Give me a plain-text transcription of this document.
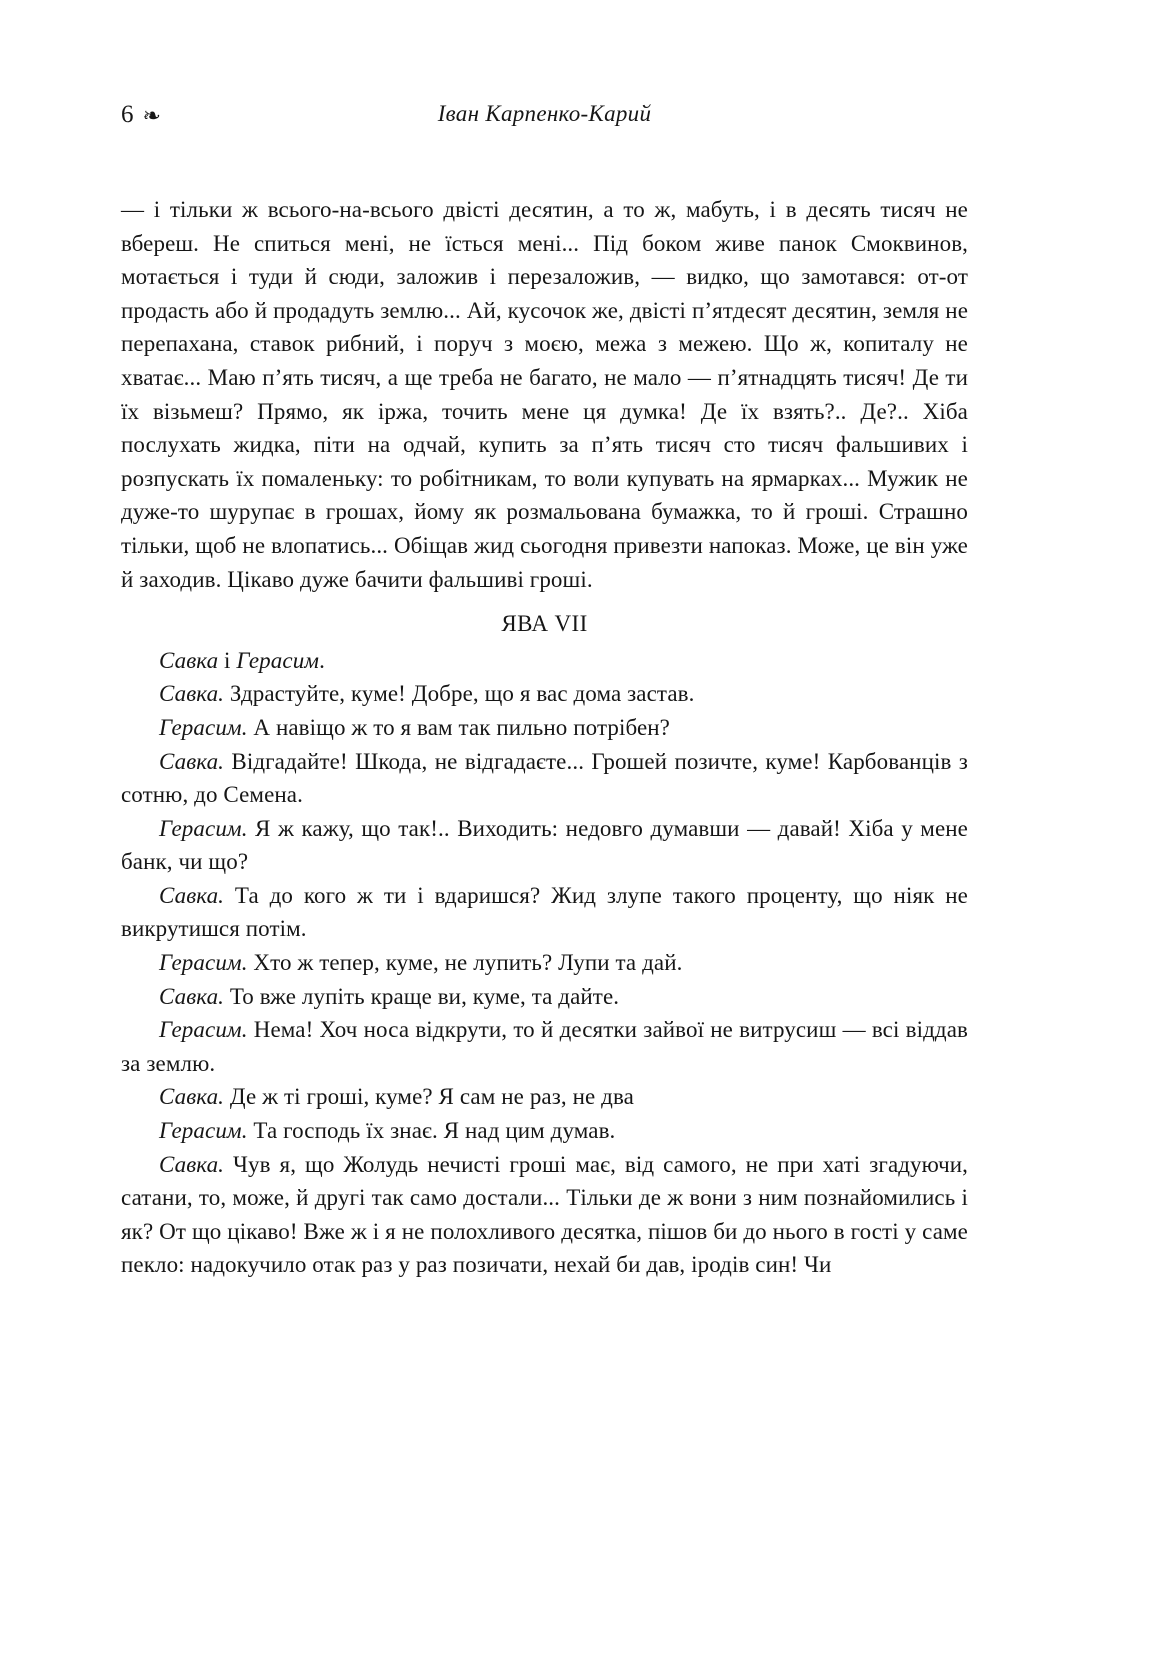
6 ❧	Іван Карпенко-Карий

— і тільки ж всього-на-всього двісті десятин, а то ж, мабуть, і в десять тисяч не вбереш. Не спиться мені, не їсться мені... Під боком живе панок Смоквинов, мотається і туди й сюди, заложив і перезаложив, — видко, що замотався: от-от продасть або й продадуть землю... Ай, кусочок же, двісті п’ятдесят десятин, земля не перепахана, ставок рибний, і поруч з моєю, межа з межею. Що ж, копиталу не хватає... Маю п’ять тисяч, а ще треба не багато, не мало — п’ятнадцять тисяч! Де ти їх візьмеш? Прямо, як іржа, точить мене ця думка! Де їх взять?.. Де?.. Хіба послухать жидка, піти на одчай, купить за п’ять тисяч сто тисяч фальшивих і розпускать їх помаленьку: то робітникам, то воли купувать на ярмарках... Мужик не дуже-то шурупає в грошах, йому як розмальована бумажка, то й гроші. Страшно тільки, щоб не влопатись... Обіщав жид сьогодня привезти напоказ. Може, це він уже й заходив. Цікаво дуже бачити фальшиві гроші.

ЯВА VII

Савка і Герасим.

Савка. Здрастуйте, куме! Добре, що я вас дома застав.

Герасим. А навіщо ж то я вам так пильно потрібен?

Савка. Відгадайте! Шкода, не відгадаєте... Грошей позичте, куме! Карбованців з сотню, до Семена.

Герасим. Я ж кажу, що так!.. Виходить: недовго думавши — давай! Хіба у мене банк, чи що?

Савка. Та до кого ж ти і вдаришся? Жид злупе такого проценту, що ніяк не викрутишся потім.

Герасим. Хто ж тепер, куме, не лупить? Лупи та дай.

Савка. То вже лупіть краще ви, куме, та дайте.

Герасим. Нема! Хоч носа відкрути, то й десятки зайвої не витрусиш — всі віддав за землю.

Савка. Де ж ті гроші, куме? Я сам не раз, не два

Герасим. Та господь їх знає. Я над цим думав.

Савка. Чув я, що Жолудь нечисті гроші має, від самого, не при хаті згадуючи, сатани, то, може, й другі так само достали... Тільки де ж вони з ним познайомились і як? От що цікаво! Вже ж і я не полохливого десятка, пішов би до нього в гості у саме пекло: надокучило отак раз у раз позичати, нехай би дав, іродів син! Чи
